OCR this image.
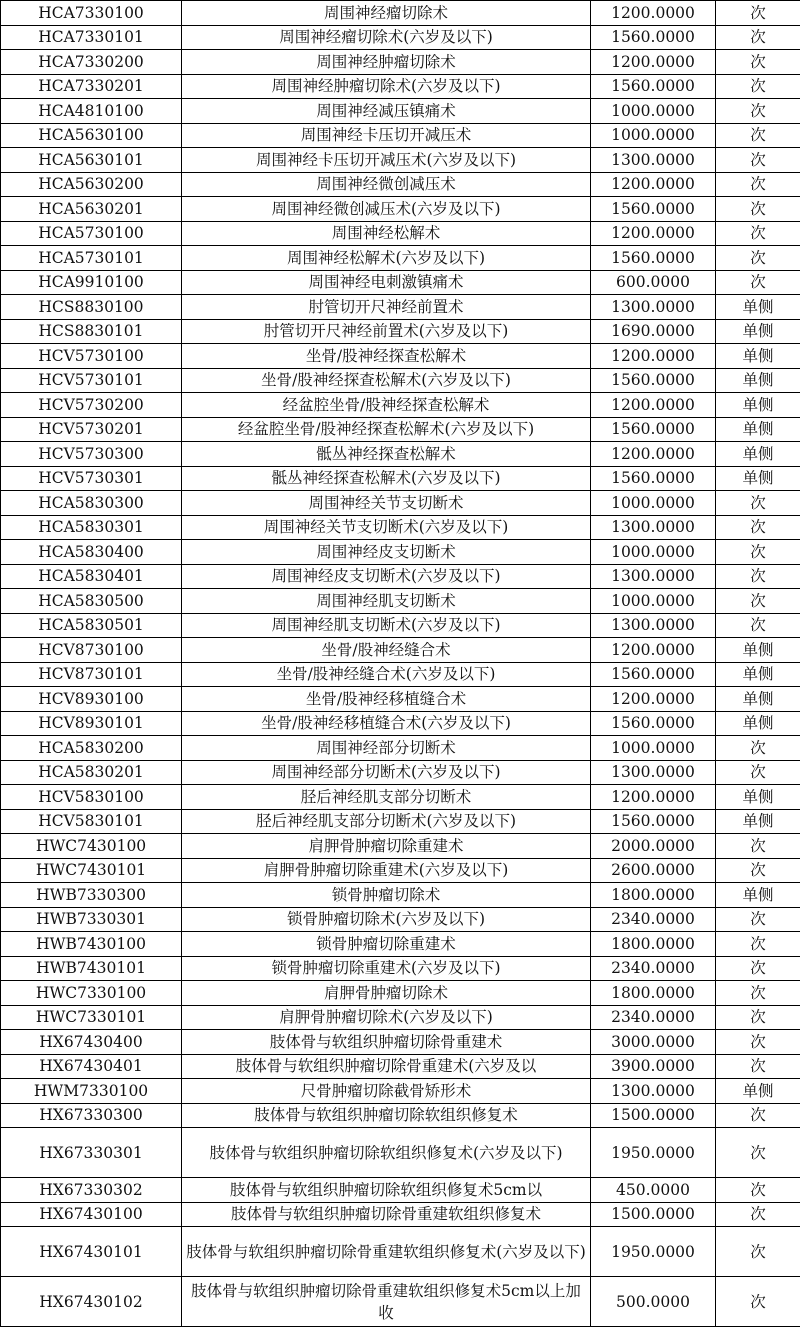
HCA7330100	周围神经瘤切除术	1200.0000	次
HCA7330101	周围神经瘤切除术(六岁及以下)	1560.0000	次
HCA7330200	周围神经肿瘤切除术	1200.0000	次
HCA7330201	周围神经肿瘤切除术(六岁及以下)	1560.0000	次
HCA4810100	周围神经减压镇痛术	1000.0000	次
HCA5630100	周围神经卡压切开减压术	1000.0000	次
HCA5630101	周围神经卡压切开减压术(六岁及以下)	1300.0000	次
HCA5630200	周围神经微创减压术	1200.0000	次
HCA5630201	周围神经微创减压术(六岁及以下)	1560.0000	次
HCA5730100	周围神经松解术	1200.0000	次
HCA5730101	周围神经松解术(六岁及以下)	1560.0000	次
HCA9910100	周围神经电刺激镇痛术	600.0000	次
HCS8830100	肘管切开尺神经前置术	1300.0000	单侧
HCS8830101	肘管切开尺神经前置术(六岁及以下)	1690.0000	单侧
HCV5730100	坐骨/股神经探查松解术	1200.0000	单侧
HCV5730101	坐骨/股神经探查松解术(六岁及以下)	1560.0000	单侧
HCV5730200	经盆腔坐骨/股神经探查松解术	1200.0000	单侧
HCV5730201	经盆腔坐骨/股神经探查松解术(六岁及以下)	1560.0000	单侧
HCV5730300	骶丛神经探查松解术	1200.0000	单侧
HCV5730301	骶丛神经探查松解术(六岁及以下)	1560.0000	单侧
HCA5830300	周围神经关节支切断术	1000.0000	次
HCA5830301	周围神经关节支切断术(六岁及以下)	1300.0000	次
HCA5830400	周围神经皮支切断术	1000.0000	次
HCA5830401	周围神经皮支切断术(六岁及以下)	1300.0000	次
HCA5830500	周围神经肌支切断术	1000.0000	次
HCA5830501	周围神经肌支切断术(六岁及以下)	1300.0000	次
HCV8730100	坐骨/股神经缝合术	1200.0000	单侧
HCV8730101	坐骨/股神经缝合术(六岁及以下)	1560.0000	单侧
HCV8930100	坐骨/股神经移植缝合术	1200.0000	单侧
HCV8930101	坐骨/股神经移植缝合术(六岁及以下)	1560.0000	单侧
HCA5830200	周围神经部分切断术	1000.0000	次
HCA5830201	周围神经部分切断术(六岁及以下)	1300.0000	次
HCV5830100	胫后神经肌支部分切断术	1200.0000	单侧
HCV5830101	胫后神经肌支部分切断术(六岁及以下)	1560.0000	单侧
HWC7430100	肩胛骨肿瘤切除重建术	2000.0000	次
HWC7430101	肩胛骨肿瘤切除重建术(六岁及以下)	2600.0000	次
HWB7330300	锁骨肿瘤切除术	1800.0000	单侧
HWB7330301	锁骨肿瘤切除术(六岁及以下)	2340.0000	次
HWB7430100	锁骨肿瘤切除重建术	1800.0000	次
HWB7430101	锁骨肿瘤切除重建术(六岁及以下)	2340.0000	次
HWC7330100	肩胛骨肿瘤切除术	1800.0000	次
HWC7330101	肩胛骨肿瘤切除术(六岁及以下)	2340.0000	次
HX67430400	肢体骨与软组织肿瘤切除骨重建术	3000.0000	次
HX67430401	肢体骨与软组织肿瘤切除骨重建术(六岁及以	3900.0000	次
HWM7330100	尺骨肿瘤切除截骨矫形术	1300.0000	单侧
HX67330300	肢体骨与软组织肿瘤切除软组织修复术	1500.0000	次
HX67330301	肢体骨与软组织肿瘤切除软组织修复术(六岁及以下)	1950.0000	次
HX67330302	肢体骨与软组织肿瘤切除软组织修复术5cm以	450.0000	次
HX67430100	肢体骨与软组织肿瘤切除骨重建软组织修复术	1500.0000	次
HX67430101	肢体骨与软组织肿瘤切除骨重建软组织修复术(六岁及以下)	1950.0000	次
HX67430102	肢体骨与软组织肿瘤切除骨重建软组织修复术5cm以上加收	500.0000	次
